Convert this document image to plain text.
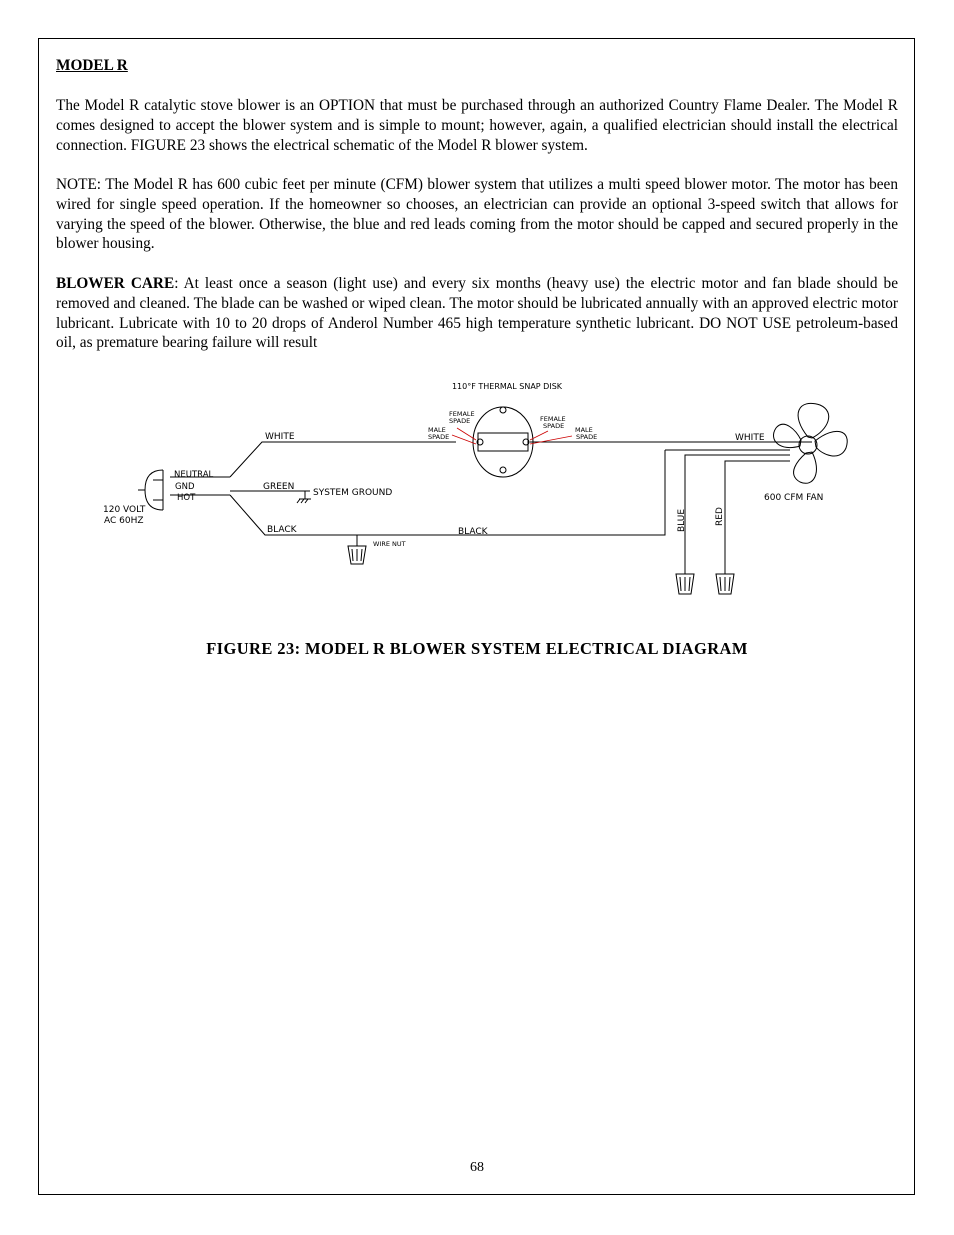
MODEL R

The Model R catalytic stove blower is an OPTION that must be purchased through an authorized Country Flame Dealer. The Model R comes designed to accept the blower system and is simple to mount; however, again, a qualified electrician should install the electrical connection. FIGURE 23 shows the electrical schematic of the Model R blower system.

NOTE: The Model R has 600 cubic feet per minute (CFM) blower system that utilizes a multi speed blower motor. The motor has been wired for single speed operation. If the homeowner so chooses, an electrician can provide an optional 3-speed switch that allows for varying the speed of the blower. Otherwise, the blue and red leads coming from the motor should be capped and secured properly in the blower housing.

BLOWER CARE: At least once a season (light use) and every six months (heavy use) the electric motor and fan blade should be removed and cleaned. The blade can be washed or wiped clean. The motor should be lubricated annually with an approved electric motor lubricant. Lubricate with 10 to 20 drops of Anderol Number 465 high temperature synthetic lubricant. DO NOT USE petroleum-based oil, as premature bearing failure will result

110°F THERMAL SNAP DISK
FEMALE
SPADE
MALE
SPADE
FEMALE
SPADE MALE
SPADE
WHITE	WHITE
GREEN
SYSTEM GROUND
BLACK	BLACK
WIRE NUT
NEUTRAL
GND
HOT
120 VOLT
AC 60HZ
600 CFM FAN
BLUE	RED

FIGURE 23: MODEL R BLOWER SYSTEM ELECTRICAL DIAGRAM

68
